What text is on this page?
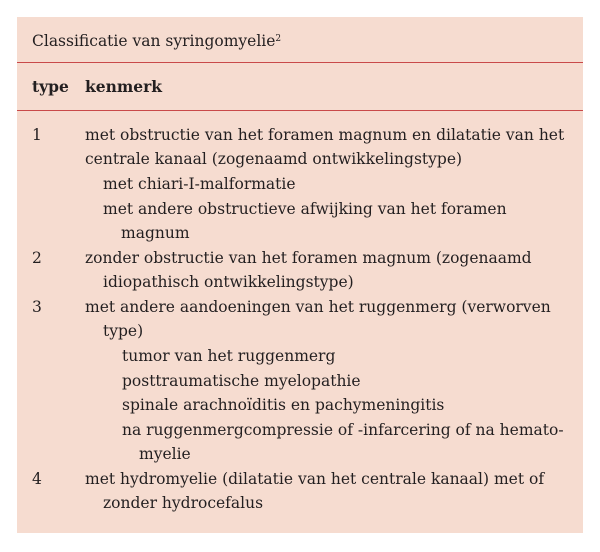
Classificatie van syringomyelie$^2$
type kenmerk
1	met obstructie van het foramen magnum en dilatatie van het
centrale kanaal (zogenaamd ontwikkelingstype)
met chiari-I-malformatie
met andere obstructieve afwijking van het foramen
magnum
2	zonder obstructie van het foramen magnum (zogenaamd
idiopathisch ontwikkelingstype)
3	met andere aandoeningen van het ruggenmerg (verworven
type)
tumor van het ruggenmerg
posttraumatische myelopathie
spinale arachnoïditis en pachymeningitis
na ruggenmergcompressie of -infarcering of na hemato-
myelie
4	met hydromyelie (dilatatie van het centrale kanaal) met of
zonder hydrocefalus
